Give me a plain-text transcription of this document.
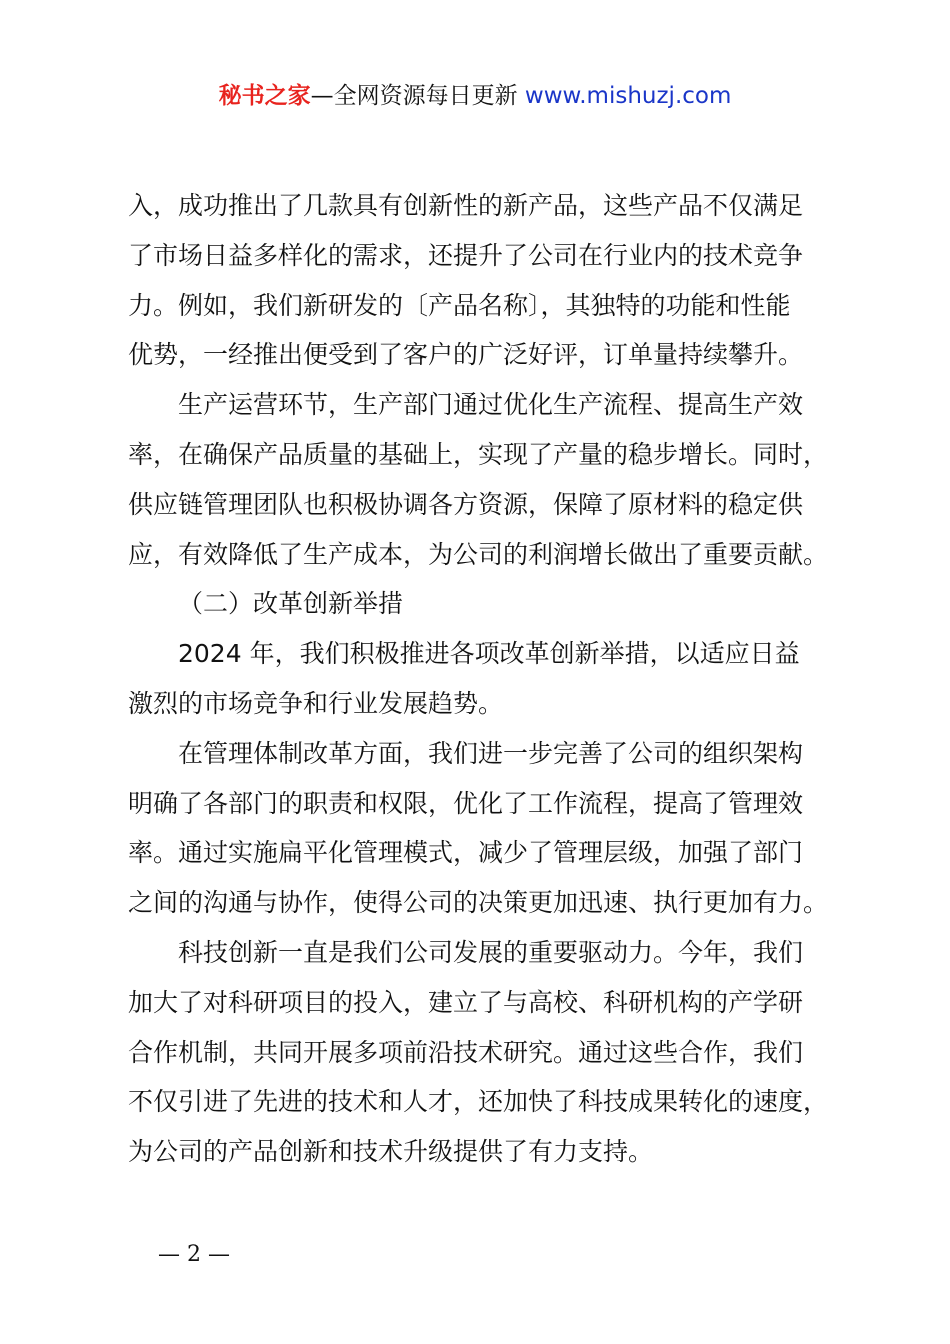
秘书之家—全网资源每日更新 www.mishuzj.com
入，成功推出了几款具有创新性的新产品，这些产品不仅满足
了市场日益多样化的需求，还提升了公司在行业内的技术竞争
力。例如，我们新研发的〔产品名称〕，其独特的功能和性能
优势，一经推出便受到了客户的广泛好评，订单量持续攀升。
生产运营环节，生产部门通过优化生产流程、提高生产效
率，在确保产品质量的基础上，实现了产量的稳步增长。同时，
供应链管理团队也积极协调各方资源，保障了原材料的稳定供
应，有效降低了生产成本，为公司的利润增长做出了重要贡献。
（二）改革创新举措
2024 年，我们积极推进各项改革创新举措，以适应日益
激烈的市场竞争和行业发展趋势。
在管理体制改革方面，我们进一步完善了公司的组织架构
明确了各部门的职责和权限，优化了工作流程，提高了管理效
率。通过实施扁平化管理模式，减少了管理层级，加强了部门
之间的沟通与协作，使得公司的决策更加迅速、执行更加有力。
科技创新一直是我们公司发展的重要驱动力。今年，我们
加大了对科研项目的投入，建立了与高校、科研机构的产学研
合作机制，共同开展多项前沿技术研究。通过这些合作，我们
不仅引进了先进的技术和人才，还加快了科技成果转化的速度，
为公司的产品创新和技术升级提供了有力支持。
— 2 —
